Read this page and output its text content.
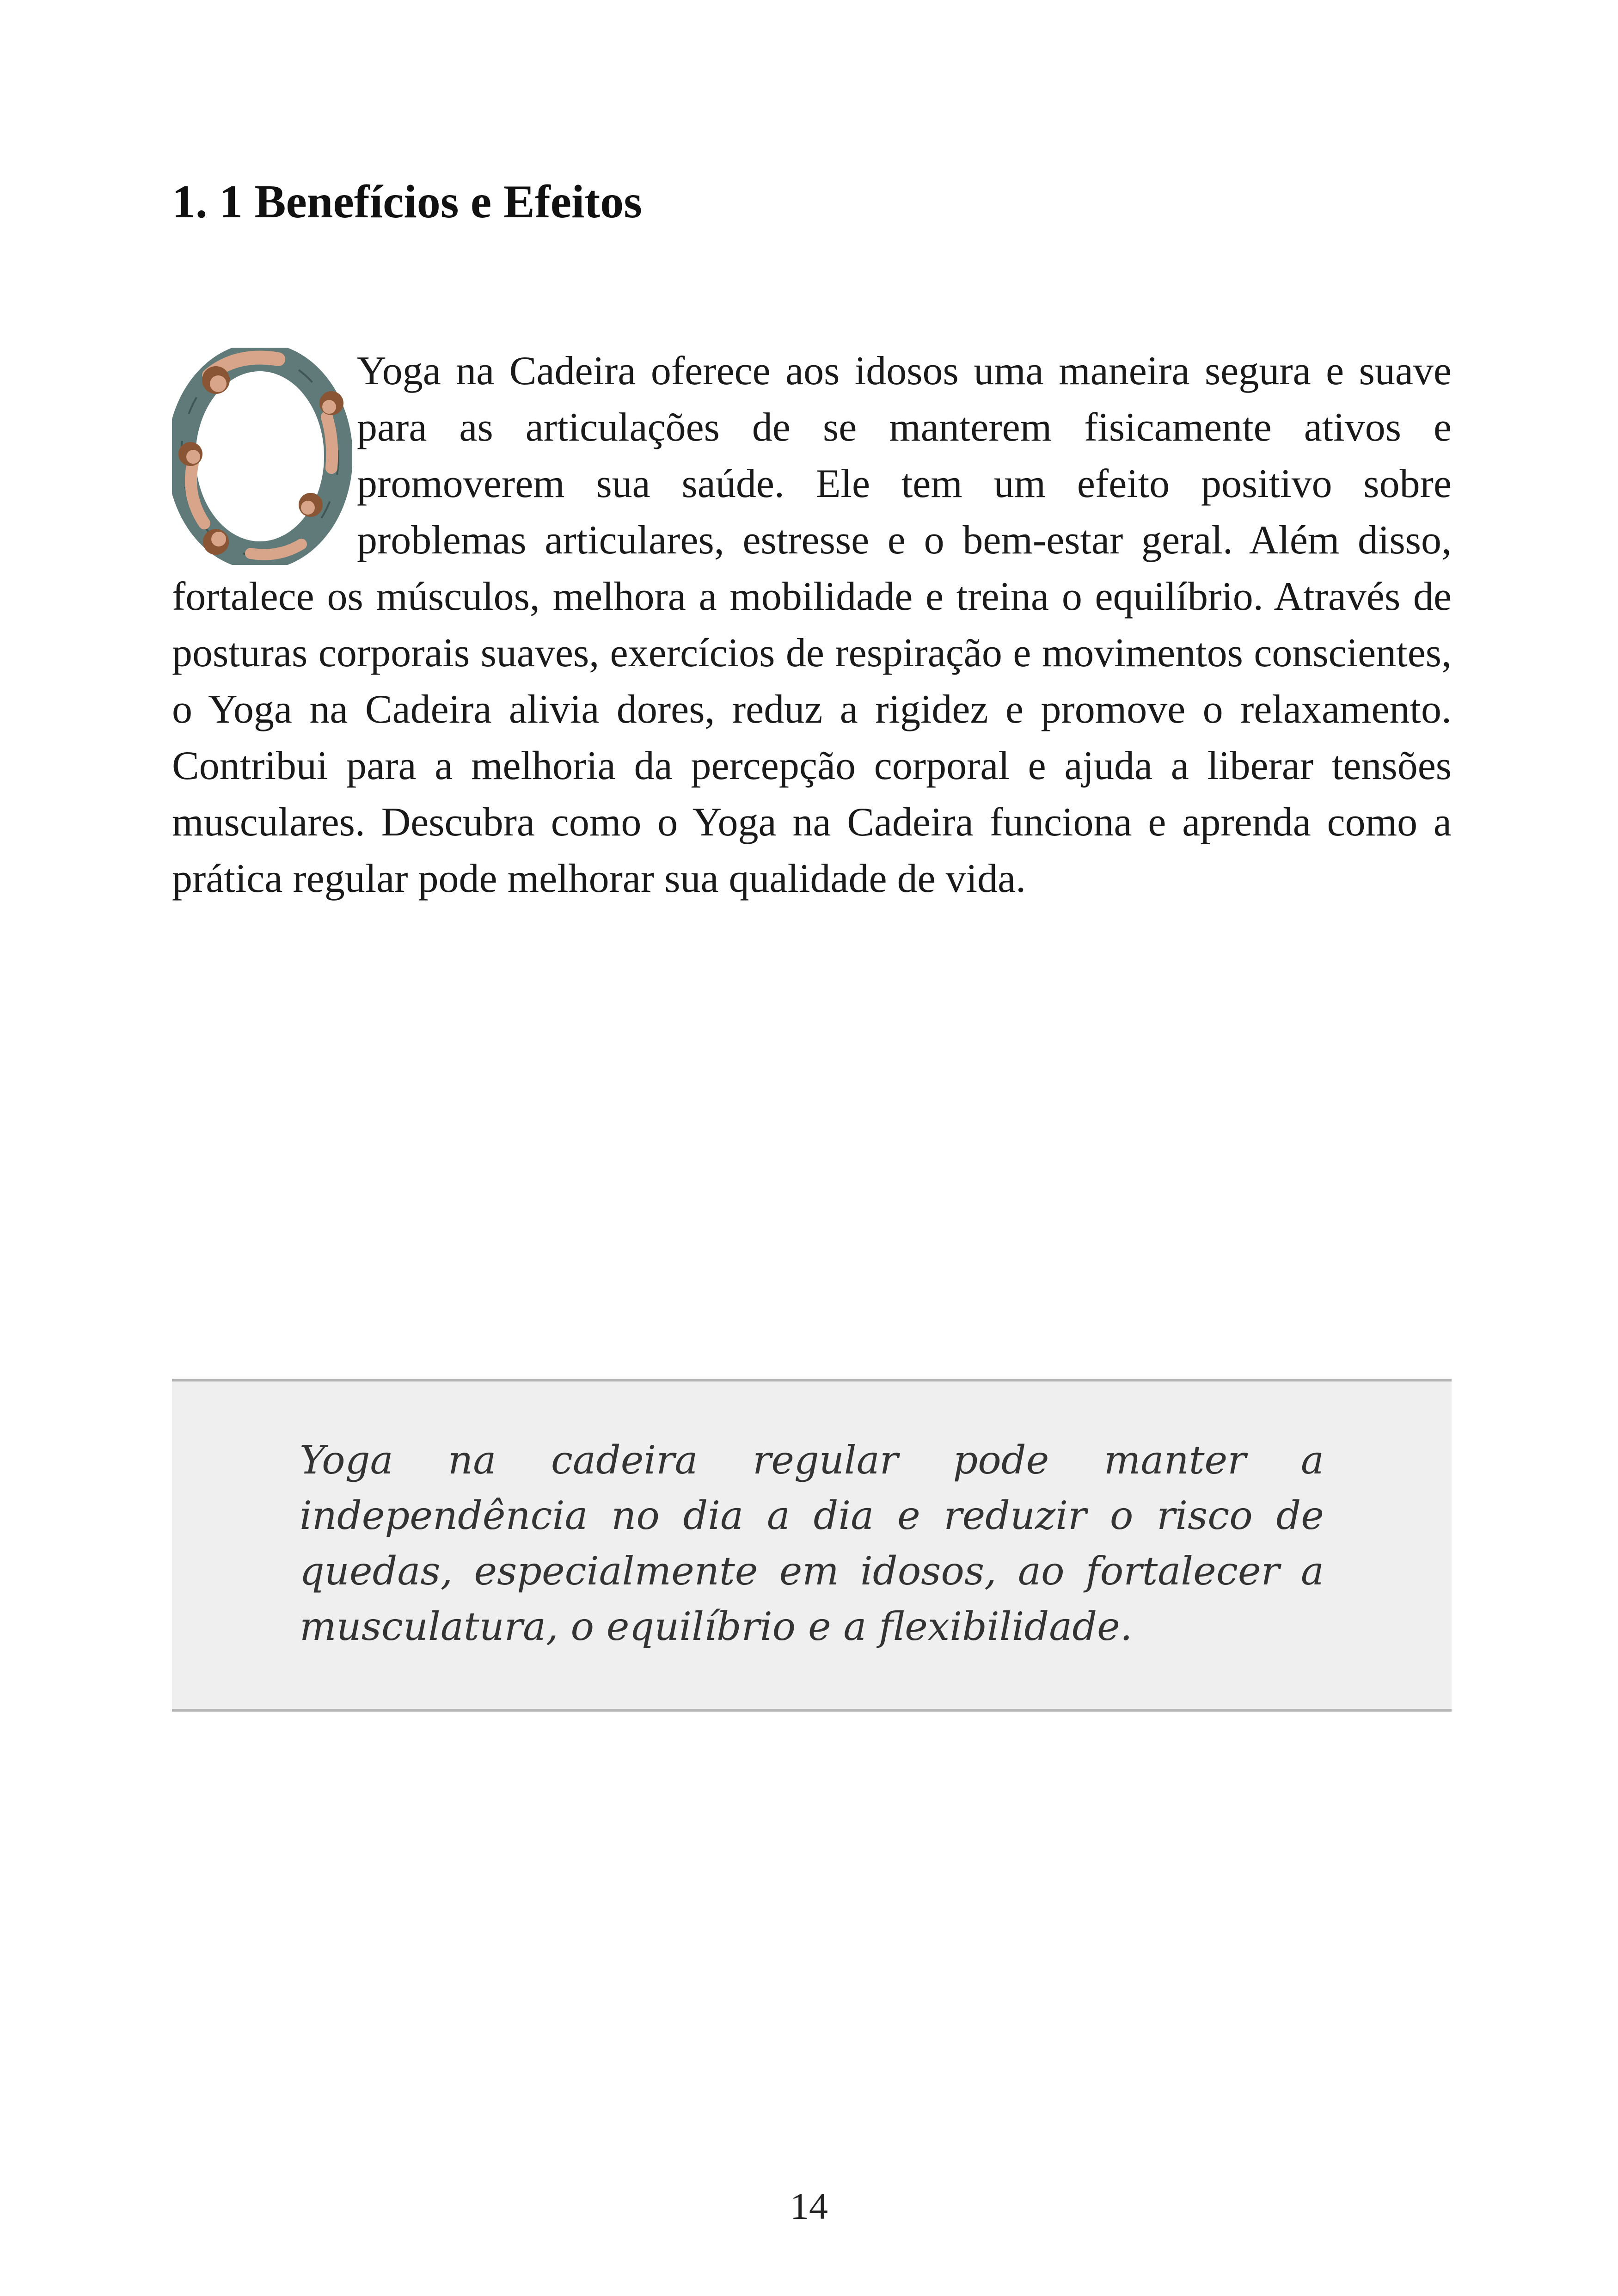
1. 1 Benefícios e Efeitos
Yoga na Cadeira oferece aos idosos uma maneira segura e suave para as articulações de se manterem fisicamente ativos e promoverem sua saúde. Ele tem um efeito positivo sobre problemas articulares, estresse e o bem-estar geral. Além disso, fortalece os músculos, melhora a mobilidade e treina o equilíbrio. Através de posturas corporais suaves, exercícios de respiração e movimentos conscientes, o Yoga na Cadeira alivia dores, reduz a rigidez e promove o relaxamento. Contribui para a melhoria da percepção corporal e ajuda a liberar tensões musculares. Descubra como o Yoga na Cadeira funciona e aprenda como a prática regular pode melhorar sua qualidade de vida.

Yoga na cadeira regular pode manter a independência no dia a dia e reduzir o risco de quedas, especialmente em idosos, ao fortalecer a musculatura, o equilíbrio e a flexibilidade.

14
